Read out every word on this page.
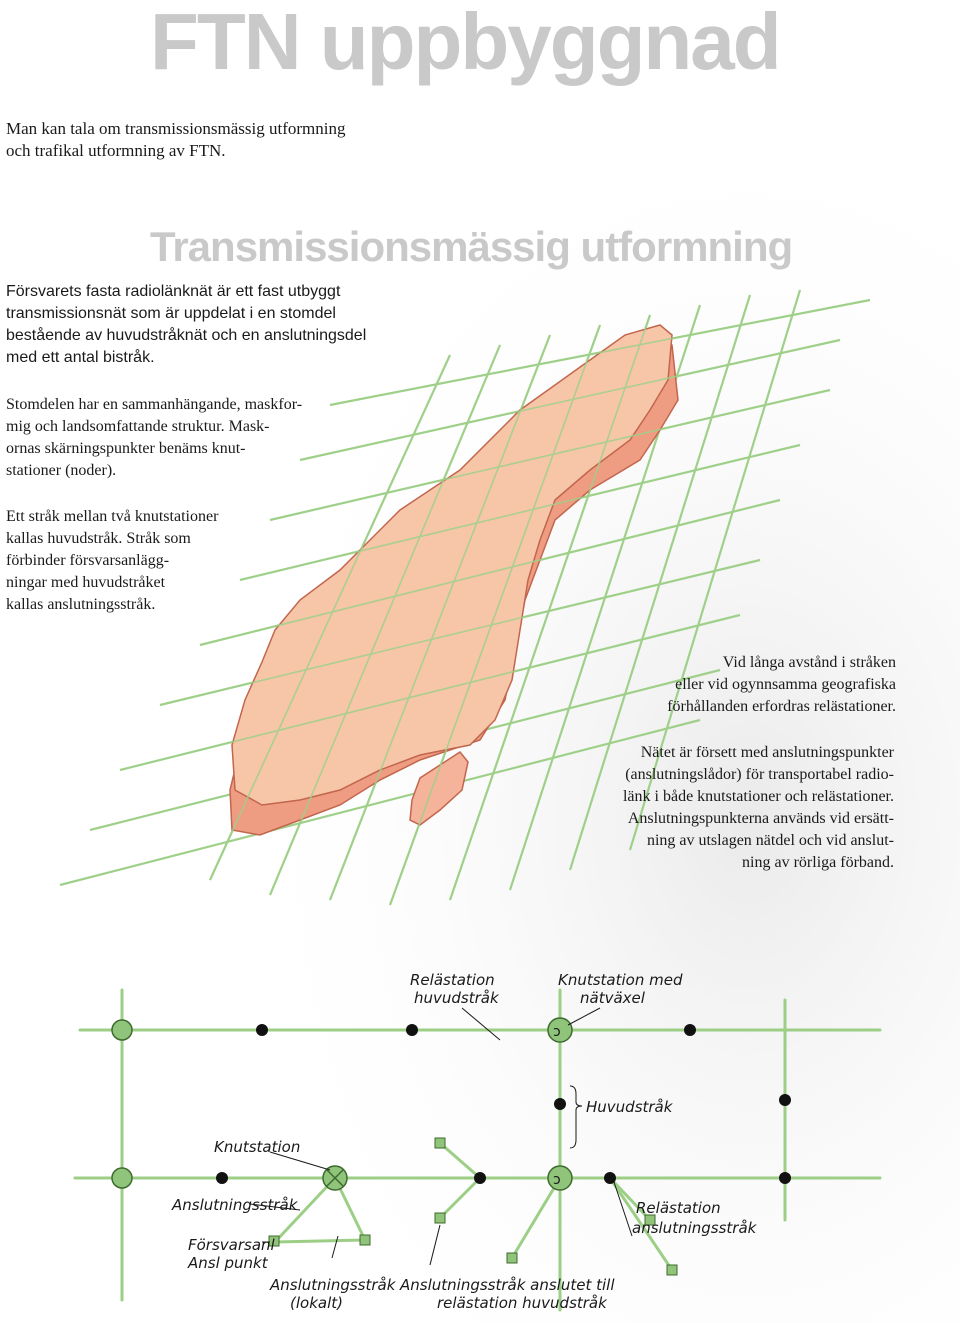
FTN uppbyggnad

Man kan tala om transmissionsmässig utformning
och trafikal utformning av FTN.

Transmissionsmässig utformning

Försvarets fasta radiolänknät är ett fast utbyggt
transmissionsnät som är uppdelat i en stomdel
bestående av huvudstråknät och en anslutningsdel
med ett antal bistråk.

Stomdelen har en sammanhängande, maskfor-
mig och landsomfattande struktur. Mask-
ornas skärningspunkter benäms knut-
stationer (noder).

Ett stråk mellan två knutstationer
kallas huvudstråk. Stråk som
förbinder försvarsanlägg-
ningar med huvudstråket
kallas anslutningsstråk.

Vid långa avstånd i stråken
eller vid ogynnsamma geografiska
förhållanden erfordras relästationer.

Nätet är försett med anslutningspunkter
(anslutningslådor) för transportabel radio-
länk i både knutstationer och relästationer.
Anslutningspunkterna används vid ersätt-
ning av utslagen nätdel och vid anslut-
ning av rörliga förband.

ↄ
ↄ
Relästation
huvudstråk
Knutstation med
nätväxel
Huvudstråk
Knutstation
Anslutningsstråk
Försvarsanl
Ansl punkt
Relästation
anslutningsstråk
Anslutningsstråk
(lokalt)
Anslutningsstråk anslutet till
relästation huvudstråk
